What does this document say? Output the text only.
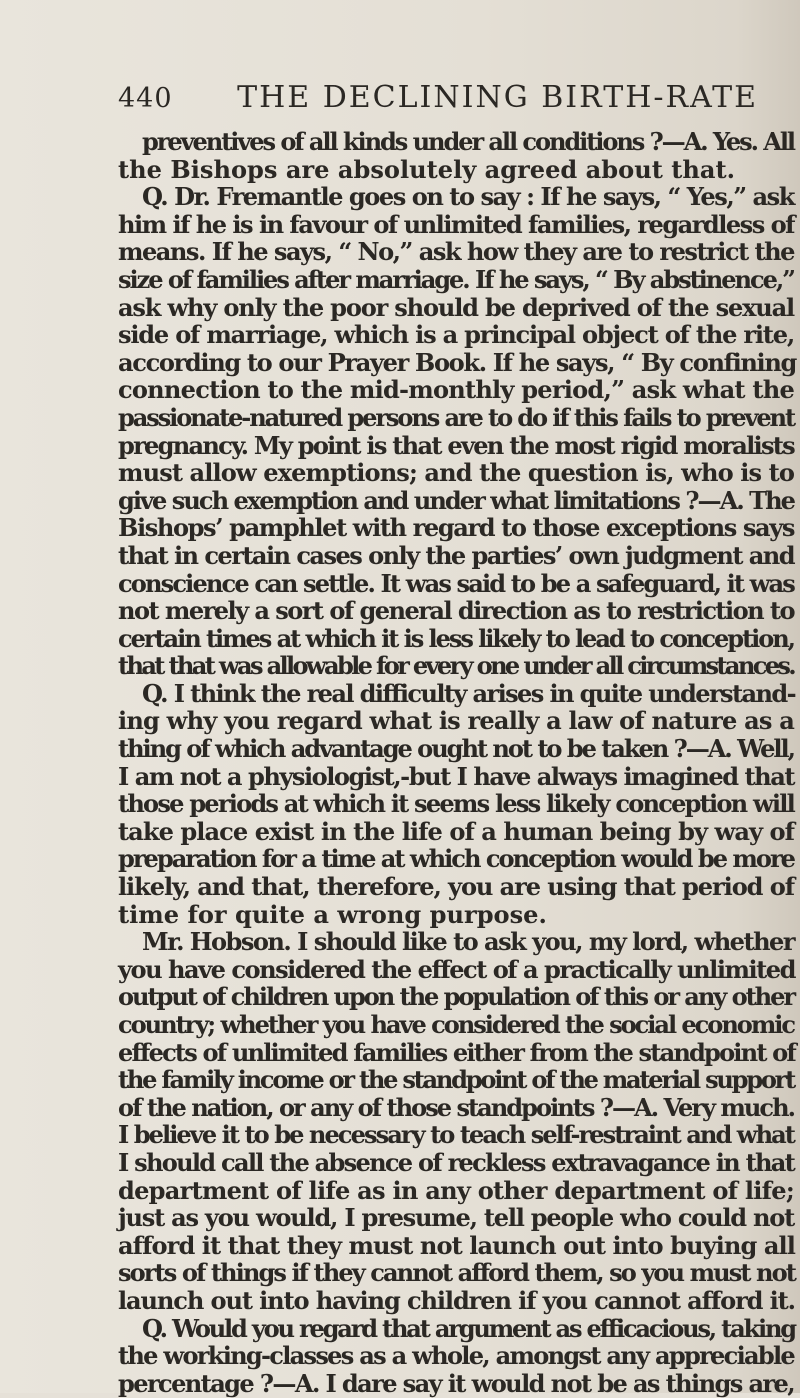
440 THE DECLINING BIRTH-RATE
preventives of all kinds under all conditions ?—A. Yes. All
the Bishops are absolutely agreed about that.
Q. Dr. Fremantle goes on to say : If he says, “ Yes,” ask
him if he is in favour of unlimited families, regardless of
means. If he says, “ No,” ask how they are to restrict the
size of families after marriage. If he says, “ By abstinence,”
ask why only the poor should be deprived of the sexual
side of marriage, which is a principal object of the rite,
according to our Prayer Book. If he says, “ By confining
connection to the mid-monthly period,” ask what the
passionate-natured persons are to do if this fails to prevent
pregnancy. My point is that even the most rigid moralists
must allow exemptions; and the question is, who is to
give such exemption and under what limitations ?—A. The
Bishops’ pamphlet with regard to those exceptions says
that in certain cases only the parties’ own judgment and
conscience can settle. It was said to be a safeguard, it was
not merely a sort of general direction as to restriction to
certain times at which it is less likely to lead to conception,
that that was allowable for every one under all circumstances.
Q. I think the real difficulty arises in quite understand-
ing why you regard what is really a law of nature as a
thing of which advantage ought not to be taken ?—A. Well,
I am not a physiologist,-but I have always imagined that
those periods at which it seems less likely conception will
take place exist in the life of a human being by way of
preparation for a time at which conception would be more
likely, and that, therefore, you are using that period of
time for quite a wrong purpose.
Mr. Hobson. I should like to ask you, my lord, whether
you have considered the effect of a practically unlimited
output of children upon the population of this or any other
country; whether you have considered the social economic
effects of unlimited families either from the standpoint of
the family income or the standpoint of the material support
of the nation, or any of those standpoints ?—A. Very much.
I believe it to be necessary to teach self-restraint and what
I should call the absence of reckless extravagance in that
department of life as in any other department of life;
just as you would, I presume, tell people who could not
afford it that they must not launch out into buying all
sorts of things if they cannot afford them, so you must not
launch out into having children if you cannot afford it.
Q. Would you regard that argument as efficacious, taking
the working-classes as a whole, amongst any appreciable
percentage ?—A. I dare say it would not be as things are,
